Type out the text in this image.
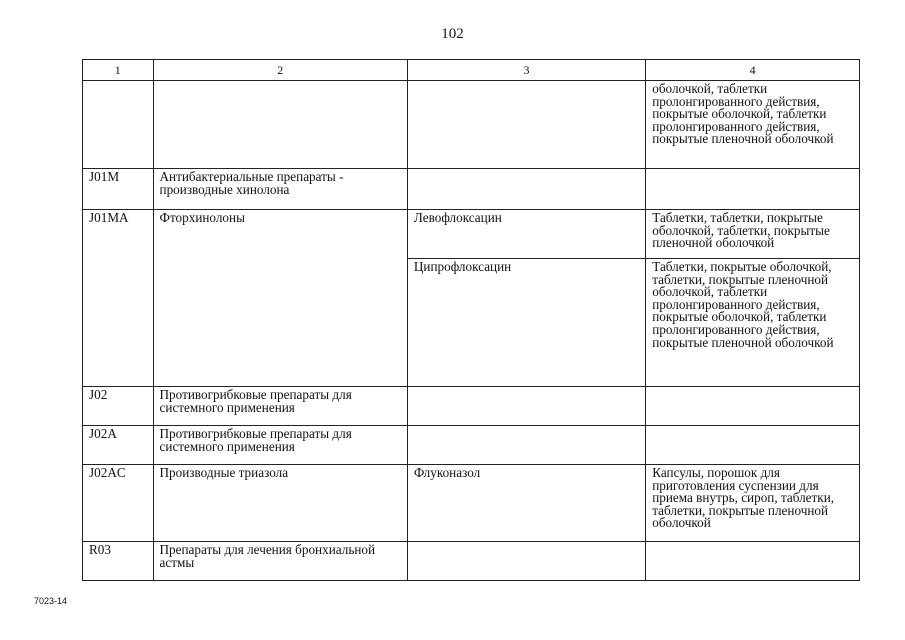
102
1	2	3	4
			оболочкой, таблетки пролонгированного действия, покрытые оболочкой, таблетки пролонгированного действия, покрытые пленочной оболочкой
J01M	Антибактериальные препараты - производные хинолона		
J01MA	Фторхинолоны	Левофлоксацин	Таблетки, таблетки, покрытые оболочкой, таблетки, покрытые пленочной оболочкой
		Ципрофлоксацин	Таблетки, покрытые оболочкой, таблетки, покрытые пленочной оболочкой, таблетки пролонгированного действия, покрытые оболочкой, таблетки пролонгированного действия, покрытые пленочной оболочкой
J02	Противогрибковые препараты для системного применения		
J02A	Противогрибковые препараты для системного применения		
J02AC	Производные триазола	Флуконазол	Капсулы, порошок для приготовления суспензии для приема внутрь, сироп, таблетки, таблетки, покрытые пленочной оболочкой
R03	Препараты для лечения бронхиальной астмы		
7023-14
